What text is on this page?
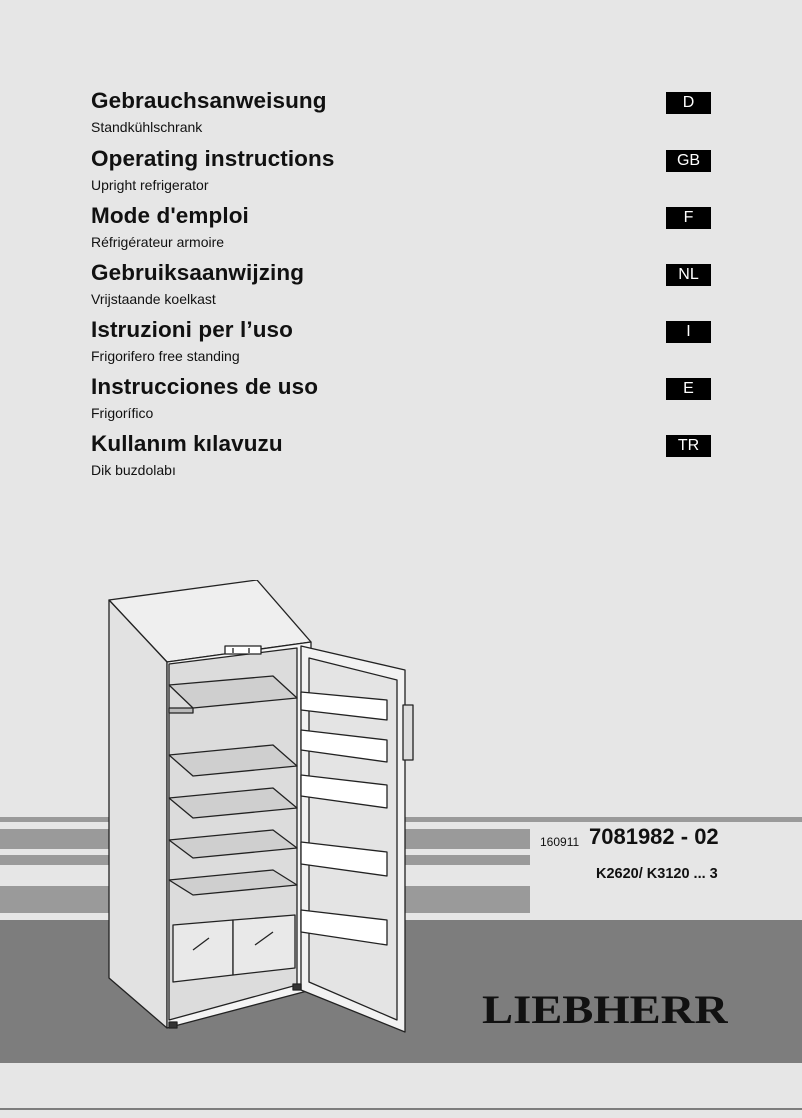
Gebrauchsanweisung
Standkühlschrank
D
Operating instructions
Upright refrigerator
GB
Mode d'emploi
Réfrigérateur armoire
F
Gebruiksaanwijzing
Vrijstaande koelkast
NL
Istruzioni per l’uso
Frigorifero free standing
I
Instrucciones de uso
Frigorífico
E
Kullanım kılavuzu
Dik buzdolabı
TR
160911 7081982 - 02
K2620/ K3120 ... 3
LIEBHERR
